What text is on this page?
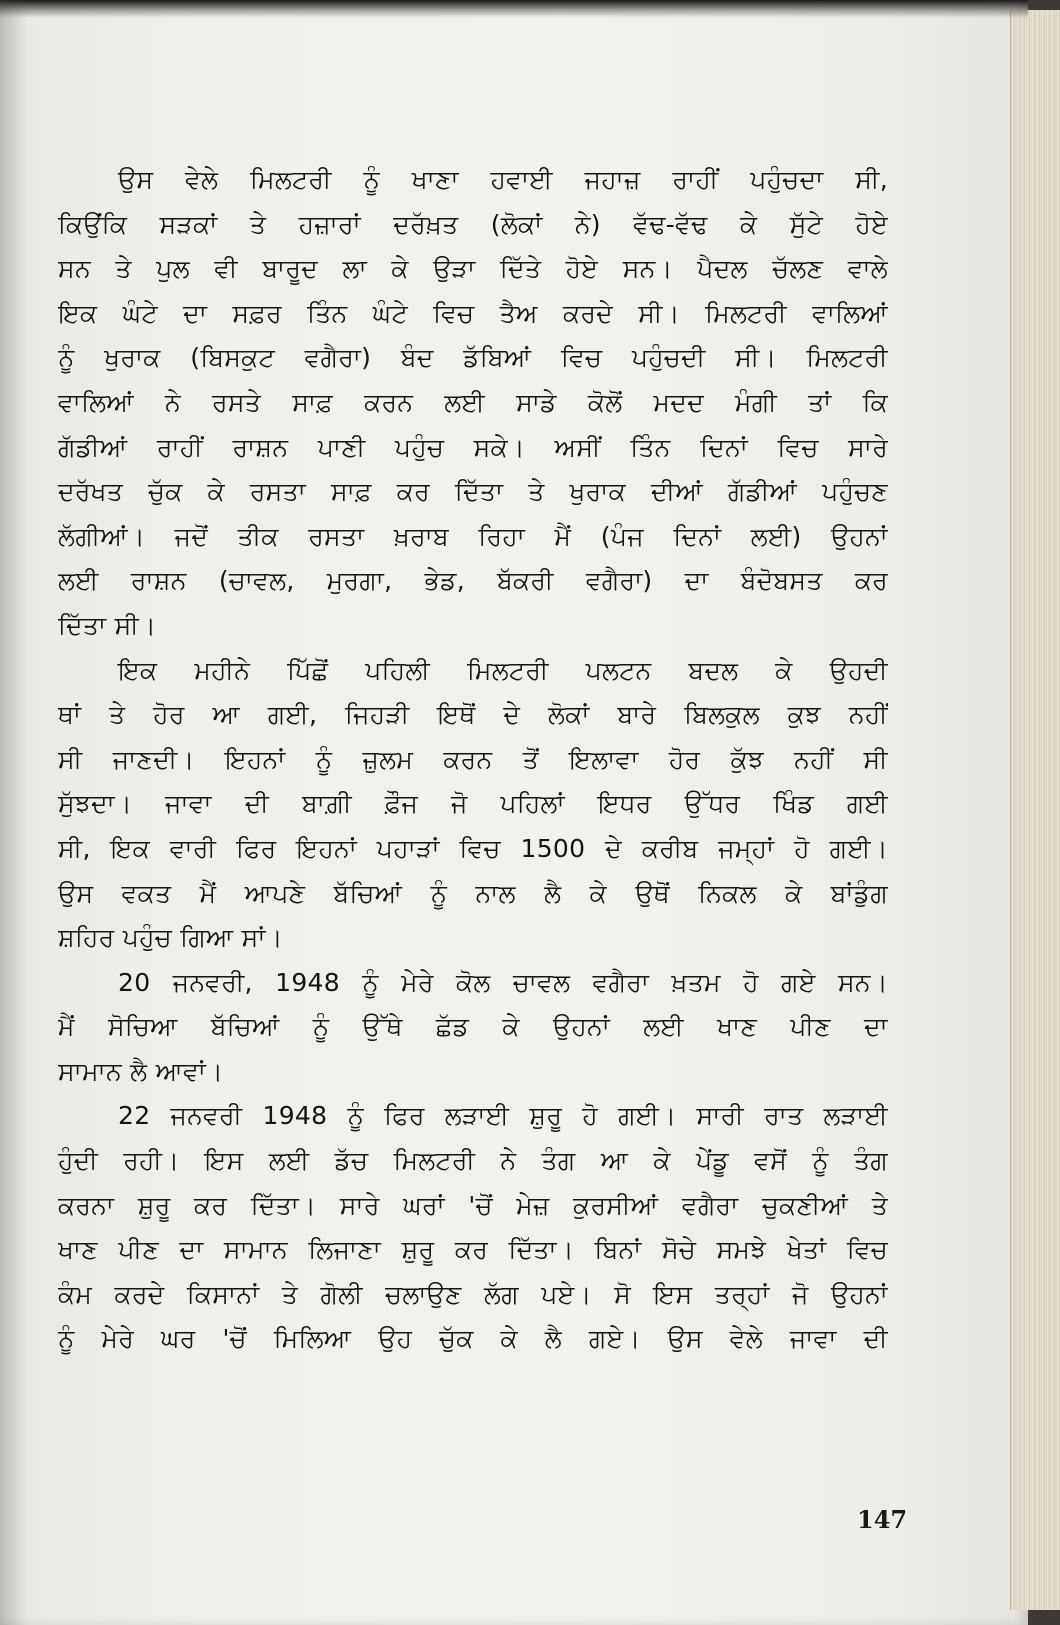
ਉਸ ਵੇਲੇ ਮਿਲਟਰੀ ਨੂੰ ਖਾਣਾ ਹਵਾਈ ਜਹਾਜ਼ ਰਾਹੀਂ ਪਹੁੰਚਦਾ ਸੀ,
ਕਿਉਂਕਿ ਸੜਕਾਂ ਤੇ ਹਜ਼ਾਰਾਂ ਦਰੱਖ਼ਤ (ਲੋਕਾਂ ਨੇ) ਵੱਢ-ਵੱਢ ਕੇ ਸੁੱਟੇ ਹੋਏ
ਸਨ ਤੇ ਪੁਲ ਵੀ ਬਾਰੂਦ ਲਾ ਕੇ ਉੜਾ ਦਿੱਤੇ ਹੋਏ ਸਨ। ਪੈਦਲ ਚੱਲਣ ਵਾਲੇ
ਇਕ ਘੰਟੇ ਦਾ ਸਫ਼ਰ ਤਿੰਨ ਘੰਟੇ ਵਿਚ ਤੈਅ ਕਰਦੇ ਸੀ। ਮਿਲਟਰੀ ਵਾਲਿਆਂ
ਨੂੰ ਖੁਰਾਕ (ਬਿਸਕੁਟ ਵਗੈਰਾ) ਬੰਦ ਡੱਬਿਆਂ ਵਿਚ ਪਹੁੰਚਦੀ ਸੀ। ਮਿਲਟਰੀ
ਵਾਲਿਆਂ ਨੇ ਰਸਤੇ ਸਾਫ਼ ਕਰਨ ਲਈ ਸਾਡੇ ਕੋਲੋਂ ਮਦਦ ਮੰਗੀ ਤਾਂ ਕਿ
ਗੱਡੀਆਂ ਰਾਹੀਂ ਰਾਸ਼ਨ ਪਾਣੀ ਪਹੁੰਚ ਸਕੇ। ਅਸੀਂ ਤਿੰਨ ਦਿਨਾਂ ਵਿਚ ਸਾਰੇ
ਦਰੱਖਤ ਚੁੱਕ ਕੇ ਰਸਤਾ ਸਾਫ਼ ਕਰ ਦਿੱਤਾ ਤੇ ਖੁਰਾਕ ਦੀਆਂ ਗੱਡੀਆਂ ਪਹੁੰਚਣ
ਲੱਗੀਆਂ। ਜਦੋਂ ਤੀਕ ਰਸਤਾ ਖ਼ਰਾਬ ਰਿਹਾ ਮੈਂ (ਪੰਜ ਦਿਨਾਂ ਲਈ) ਉਹਨਾਂ
ਲਈ ਰਾਸ਼ਨ (ਚਾਵਲ, ਮੁਰਗਾ, ਭੇਡ, ਬੱਕਰੀ ਵਗੈਰਾ) ਦਾ ਬੰਦੋਬਸਤ ਕਰ
ਦਿੱਤਾ ਸੀ।
ਇਕ ਮਹੀਨੇ ਪਿੱਛੋਂ ਪਹਿਲੀ ਮਿਲਟਰੀ ਪਲਟਨ ਬਦਲ ਕੇ ਉਹਦੀ
ਥਾਂ ਤੇ ਹੋਰ ਆ ਗਈ, ਜਿਹੜੀ ਇਥੋਂ ਦੇ ਲੋਕਾਂ ਬਾਰੇ ਬਿਲਕੁਲ ਕੁਝ ਨਹੀਂ
ਸੀ ਜਾਣਦੀ। ਇਹਨਾਂ ਨੂੰ ਜ਼ੁਲਮ ਕਰਨ ਤੋਂ ਇਲਾਵਾ ਹੋਰ ਕੁੱਝ ਨਹੀਂ ਸੀ
ਸੁੱਝਦਾ। ਜਾਵਾ ਦੀ ਬਾਗ਼ੀ ਫ਼ੌਜ ਜੋ ਪਹਿਲਾਂ ਇਧਰ ਉੱਧਰ ਖਿੰਡ ਗਈ
ਸੀ, ਇਕ ਵਾਰੀ ਫਿਰ ਇਹਨਾਂ ਪਹਾੜਾਂ ਵਿਚ 1500 ਦੇ ਕਰੀਬ ਜਮ੍ਹਾਂ ਹੋ ਗਈ।
ਉਸ ਵਕਤ ਮੈਂ ਆਪਣੇ ਬੱਚਿਆਂ ਨੂੰ ਨਾਲ ਲੈ ਕੇ ਉਥੋਂ ਨਿਕਲ ਕੇ ਬਾਂਡੁੰਗ
ਸ਼ਹਿਰ ਪਹੁੰਚ ਗਿਆ ਸਾਂ।
20 ਜਨਵਰੀ, 1948 ਨੂੰ ਮੇਰੇ ਕੋਲ ਚਾਵਲ ਵਗੈਰਾ ਖ਼ਤਮ ਹੋ ਗਏ ਸਨ।
ਮੈਂ ਸੋਚਿਆ ਬੱਚਿਆਂ ਨੂੰ ਉੱਥੇ ਛੱਡ ਕੇ ਉਹਨਾਂ ਲਈ ਖਾਣ ਪੀਣ ਦਾ
ਸਾਮਾਨ ਲੈ ਆਵਾਂ।
22 ਜਨਵਰੀ 1948 ਨੂੰ ਫਿਰ ਲੜਾਈ ਸ਼ੁਰੂ ਹੋ ਗਈ। ਸਾਰੀ ਰਾਤ ਲੜਾਈ
ਹੁੰਦੀ ਰਹੀ। ਇਸ ਲਈ ਡੱਚ ਮਿਲਟਰੀ ਨੇ ਤੰਗ ਆ ਕੇ ਪੇਂਡੂ ਵਸੋਂ ਨੂੰ ਤੰਗ
ਕਰਨਾ ਸ਼ੁਰੂ ਕਰ ਦਿੱਤਾ। ਸਾਰੇ ਘਰਾਂ 'ਚੋਂ ਮੇਜ਼ ਕੁਰਸੀਆਂ ਵਗੈਰਾ ਚੁਕਣੀਆਂ ਤੇ
ਖਾਣ ਪੀਣ ਦਾ ਸਾਮਾਨ ਲਿਜਾਣਾ ਸ਼ੁਰੂ ਕਰ ਦਿੱਤਾ। ਬਿਨਾਂ ਸੋਚੇ ਸਮਝੇ ਖੇਤਾਂ ਵਿਚ
ਕੰਮ ਕਰਦੇ ਕਿਸਾਨਾਂ ਤੇ ਗੋਲੀ ਚਲਾਉਣ ਲੱਗ ਪਏ। ਸੋ ਇਸ ਤਰ੍ਹਾਂ ਜੋ ਉਹਨਾਂ
ਨੂੰ ਮੇਰੇ ਘਰ 'ਚੋਂ ਮਿਲਿਆ ਉਹ ਚੁੱਕ ਕੇ ਲੈ ਗਏ। ਉਸ ਵੇਲੇ ਜਾਵਾ ਦੀ
147
